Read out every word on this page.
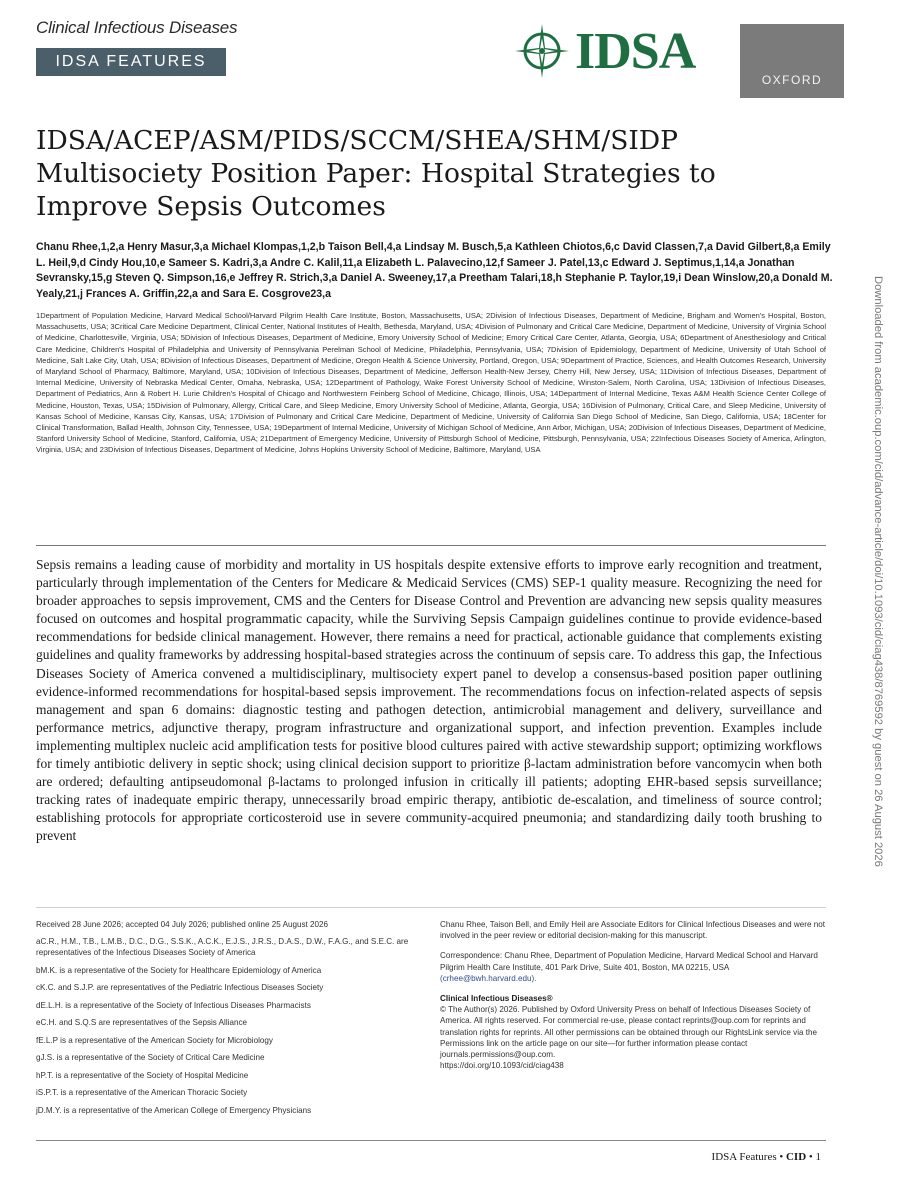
Clinical Infectious Diseases
IDSA FEATURES	IDSA
OXFORD
IDSA/ACEP/ASM/PIDS/SCCM/SHEA/SHM/SIDP Multisociety Position Paper: Hospital Strategies to Improve Sepsis Outcomes
Chanu Rhee,1,2,a Henry Masur,3,a Michael Klompas,1,2,b Taison Bell,4,a Lindsay M. Busch,5,a Kathleen Chiotos,6,c David Classen,7,a David Gilbert,8,a Emily L. Heil,9,d Cindy Hou,10,e Sameer S. Kadri,3,a Andre C. Kalil,11,a Elizabeth L. Palavecino,12,f Sameer J. Patel,13,c Edward J. Septimus,1,14,a Jonathan Sevransky,15,g Steven Q. Simpson,16,e Jeffrey R. Strich,3,a Daniel A. Sweeney,17,a Preetham Talari,18,h Stephanie P. Taylor,19,i Dean Winslow,20,a Donald M. Yealy,21,j Frances A. Griffin,22,a and Sara E. Cosgrove23,a
1Department of Population Medicine, Harvard Medical School/Harvard Pilgrim Health Care Institute, Boston, Massachusetts, USA; 2Division of Infectious Diseases, Department of Medicine, Brigham and Women's Hospital, Boston, Massachusetts, USA; 3Critical Care Medicine Department, Clinical Center, National Institutes of Health, Bethesda, Maryland, USA; 4Division of Pulmonary and Critical Care Medicine, Department of Medicine, University of Virginia School of Medicine, Charlottesville, Virginia, USA; 5Division of Infectious Diseases, Department of Medicine, Emory University School of Medicine; Emory Critical Care Center, Atlanta, Georgia, USA; 6Department of Anesthesiology and Critical Care Medicine, Children's Hospital of Philadelphia and University of Pennsylvania Perelman School of Medicine, Philadelphia, Pennsylvania, USA; 7Division of Epidemiology, Department of Medicine, University of Utah School of Medicine, Salt Lake City, Utah, USA; 8Division of Infectious Diseases, Department of Medicine, Oregon Health & Science University, Portland, Oregon, USA; 9Department of Practice, Sciences, and Health Outcomes Research, University of Maryland School of Pharmacy, Baltimore, Maryland, USA; 10Division of Infectious Diseases, Department of Medicine, Jefferson Health-New Jersey, Cherry Hill, New Jersey, USA; 11Division of Infectious Diseases, Department of Internal Medicine, University of Nebraska Medical Center, Omaha, Nebraska, USA; 12Department of Pathology, Wake Forest University School of Medicine, Winston-Salem, North Carolina, USA; 13Division of Infectious Diseases, Department of Pediatrics, Ann & Robert H. Lurie Children's Hospital of Chicago and Northwestern Feinberg School of Medicine, Chicago, Illinois, USA; 14Department of Internal Medicine, Texas A&M Health Science Center College of Medicine, Houston, Texas, USA; 15Division of Pulmonary, Allergy, Critical Care, and Sleep Medicine, Emory University School of Medicine, Atlanta, Georgia, USA; 16Division of Pulmonary, Critical Care, and Sleep Medicine, University of Kansas School of Medicine, Kansas City, Kansas, USA; 17Division of Pulmonary and Critical Care Medicine, Department of Medicine, University of California San Diego School of Medicine, San Diego, California, USA; 18Center for Clinical Transformation, Ballad Health, Johnson City, Tennessee, USA; 19Department of Internal Medicine, University of Michigan School of Medicine, Ann Arbor, Michigan, USA; 20Division of Infectious Diseases, Department of Medicine, Stanford University School of Medicine, Stanford, California, USA; 21Department of Emergency Medicine, University of Pittsburgh School of Medicine, Pittsburgh, Pennsylvania, USA; 22Infectious Diseases Society of America, Arlington, Virginia, USA; and 23Division of Infectious Diseases, Department of Medicine, Johns Hopkins University School of Medicine, Baltimore, Maryland, USA

Sepsis remains a leading cause of morbidity and mortality in US hospitals despite extensive efforts to improve early recognition and treatment, particularly through implementation of the Centers for Medicare & Medicaid Services (CMS) SEP-1 quality measure. Recognizing the need for broader approaches to sepsis improvement, CMS and the Centers for Disease Control and Prevention are advancing new sepsis quality measures focused on outcomes and hospital programmatic capacity, while the Surviving Sepsis Campaign guidelines continue to provide evidence-based recommendations for bedside clinical management. However, there remains a need for practical, actionable guidance that complements existing guidelines and quality frameworks by addressing hospital-based strategies across the continuum of sepsis care. To address this gap, the Infectious Diseases Society of America convened a multidisciplinary, multisociety expert panel to develop a consensus-based position paper outlining evidence-informed recommendations for hospital-based sepsis improvement. The recommendations focus on infection-related aspects of sepsis management and span 6 domains: diagnostic testing and pathogen detection, antimicrobial management and delivery, surveillance and performance metrics, adjunctive therapy, program infrastructure and organizational support, and infection prevention. Examples include implementing multiplex nucleic acid amplification tests for positive blood cultures paired with active stewardship support; optimizing workflows for timely antibiotic delivery in septic shock; using clinical decision support to prioritize β-lactam administration before vancomycin when both are ordered; defaulting antipseudomonal β-lactams to prolonged infusion in critically ill patients; adopting EHR-based sepsis surveillance; tracking rates of inadequate empiric therapy, unnecessarily broad empiric therapy, antibiotic de-escalation, and timeliness of source control; establishing protocols for appropriate corticosteroid use in severe community-acquired pneumonia; and standardizing daily tooth brushing to prevent

Received 28 June 2026; accepted 04 July 2026; published online 25 August 2026
aC.R., H.M., T.B., L.M.B., D.C., D.G., S.S.K., A.C.K., E.J.S., J.R.S., D.A.S., D.W., F.A.G., and S.E.C. are representatives of the Infectious Diseases Society of America
bM.K. is a representative of the Society for Healthcare Epidemiology of America
cK.C. and S.J.P. are representatives of the Pediatric Infectious Diseases Society
dE.L.H. is a representative of the Society of Infectious Diseases Pharmacists
eC.H. and S.Q.S are representatives of the Sepsis Alliance
fE.L.P is a representative of the American Society for Microbiology
gJ.S. is a representative of the Society of Critical Care Medicine
hP.T. is a representative of the Society of Hospital Medicine
iS.P.T. is a representative of the American Thoracic Society
jD.M.Y. is a representative of the American College of Emergency Physicians
Chanu Rhee, Taison Bell, and Emily Heil are Associate Editors for Clinical Infectious Diseases and were not involved in the peer review or editorial decision-making for this manuscript.
Correspondence: Chanu Rhee, Department of Population Medicine, Harvard Medical School and Harvard Pilgrim Health Care Institute, 401 Park Drive, Suite 401, Boston, MA 02215, USA (crhee@bwh.harvard.edu).
Clinical Infectious Diseases®
© The Author(s) 2026. Published by Oxford University Press on behalf of Infectious Diseases Society of America. All rights reserved. For commercial re-use, please contact reprints@oup.com for reprints and translation rights for reprints. All other permissions can be obtained through our RightsLink service via the Permissions link on the article page on our site—for further information please contact journals.permissions@oup.com.
https://doi.org/10.1093/cid/ciag438
IDSA Features • CID • 1
Downloaded from academic.oup.com/cid/advance-article/doi/10.1093/cid/ciag438/8769592 by guest on 26 August 2026
